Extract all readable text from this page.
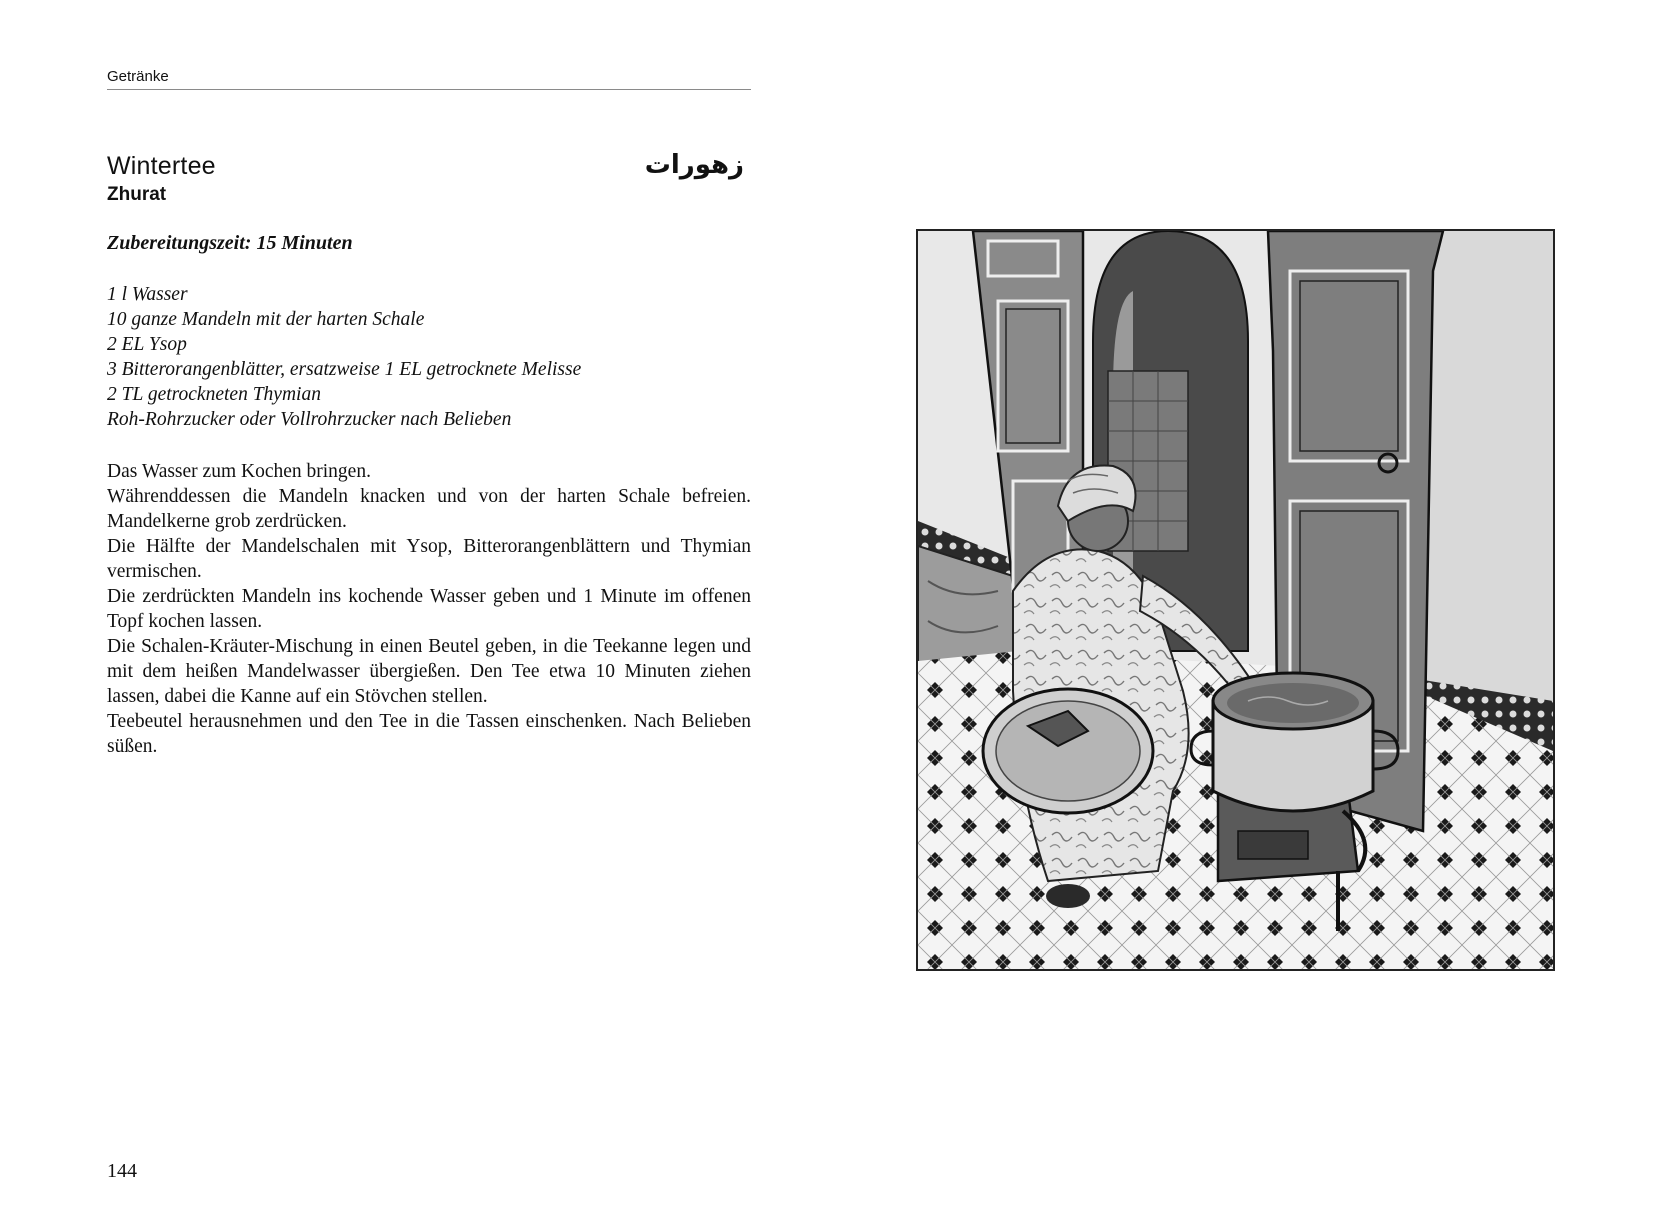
Getränke
Wintertee
Zhurat
زهورات
Zubereitungszeit: 15 Minuten
1 l Wasser
10 ganze Mandeln mit der harten Schale
2 EL Ysop
3 Bitterorangenblätter, ersatzweise 1 EL getrocknete Melisse
2 TL getrockneten Thymian
Roh-Rohrzucker oder Vollrohrzucker nach Belieben

Das Wasser zum Kochen bringen.

Währenddessen die Mandeln knacken und von der harten Schale befreien. Mandelkerne grob zerdrücken.

Die Hälfte der Mandelschalen mit Ysop, Bitterorangenblättern und Thymian vermischen.

Die zerdrückten Mandeln ins kochende Wasser geben und 1 Minute im offenen Topf kochen lassen.

Die Schalen-Kräuter-Mischung in einen Beutel geben, in die Teekanne legen und mit dem heißen Mandelwasser übergießen. Den Tee etwa 10 Minuten ziehen lassen, dabei die Kanne auf ein Stövchen stellen.

Teebeutel herausnehmen und den Tee in die Tassen einschenken. Nach Belieben süßen.

144
